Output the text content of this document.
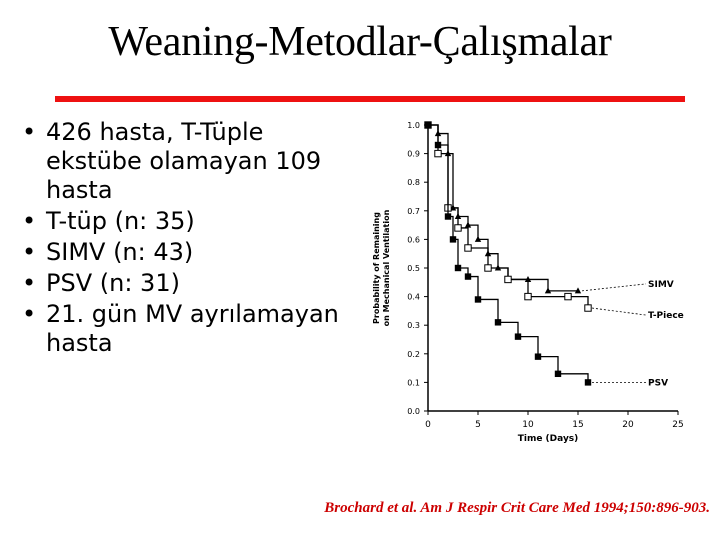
Weaning-Metodlar-Çalışmalar
• 426 hasta, T-Tüple ekstübe olamayan 109 hasta
• T-tüp (n: 35)
• SIMV (n: 43)
• PSV (n: 31)
• 21. gün MV ayrılamayan hasta
0.0
0.1
0.2
0.3
0.4
0.5
0.6
0.7
0.8
0.9
1.0
0	5	10	15	20	25
Time (Days)
Probability of Remaining on Mechanical Ventilation	SIMV
T-Piece
PSV
Brochard et al. Am J Respir Crit Care Med 1994;150:896-903.
